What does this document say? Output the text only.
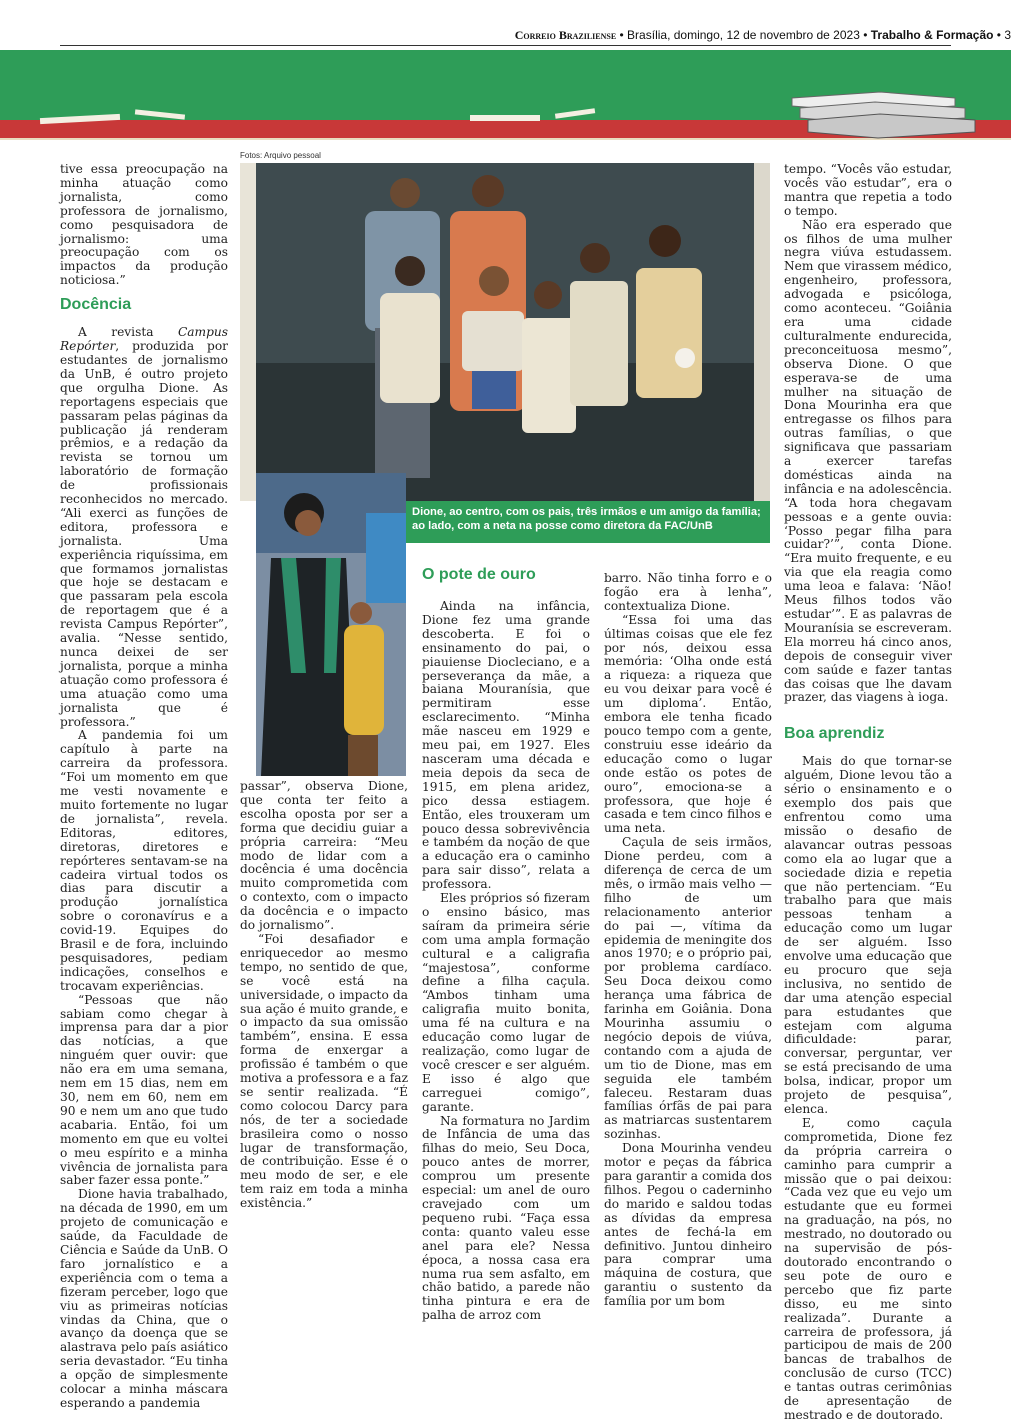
Correio Braziliense • Brasília, domingo, 12 de novembro de 2023 • Trabalho & Formação • 3

tive essa preocupação na minha atuação como jornalista, como professora de jornalismo, como pesquisadora de jornalismo: uma preocupação com os impactos da produção noticiosa.”

Docência

A revista Campus Repórter, produzida por estudantes de jornalismo da UnB, é outro projeto que orgulha Dione. As reportagens especiais que passaram pelas páginas da publicação já renderam prêmios, e a redação da revista se tornou um laboratório de formação de profissionais reconhecidos no mercado. “Ali exerci as funções de editora, professora e jornalista. Uma experiência riquíssima, em que formamos jornalistas que hoje se destacam e que passaram pela escola de reportagem que é a revista Campus Repórter”, avalia. “Nesse sentido, nunca deixei de ser jornalista, porque a minha atuação como professora é uma atuação como uma jornalista que é professora.”

A pandemia foi um capítulo à parte na carreira da professora. “Foi um momento em que me vesti novamente e muito fortemente no lugar de jornalista”, revela. Editoras, editores, diretoras, diretores e repórteres sentavam-se na cadeira virtual todos os dias para discutir a produção jornalística sobre o coronavírus e a covid-19. Equipes do Brasil e de fora, incluindo pesquisadores, pediam indicações, conselhos e trocavam experiências.

“Pessoas que não sabiam como chegar à imprensa para dar a pior das notícias, a que ninguém quer ouvir: que não era em uma semana, nem em 15 dias, nem em 30, nem em 60, nem em 90 e nem um ano que tudo acabaria. Então, foi um momento em que eu voltei o meu espírito e a minha vivência de jornalista para saber fazer essa ponte.”

Dione havia trabalhado, na década de 1990, em um projeto de comunicação e saúde, da Faculdade de Ciência e Saúde da UnB. O faro jornalístico e a experiência com o tema a fizeram perceber, logo que viu as primeiras notícias vindas da China, que o avanço da doença que se alastrava pelo país asiático seria devastador. “Eu tinha a opção de simplesmente colocar a minha máscara esperando a pandemia

Fotos: Arquivo pessoal
Dione, ao centro, com os pais, três irmãos e um amigo da família; ao lado, com a neta na posse como diretora da FAC/UnB

passar”, observa Dione, que conta ter feito a escolha oposta por ser a forma que decidiu guiar a própria carreira: “Meu modo de lidar com a docência é uma docência muito comprometida com o contexto, com o impacto da docência e o impacto do jornalismo”.

“Foi desafiador e enriquecedor ao mesmo tempo, no sentido de que, se você está na universidade, o impacto da sua ação é muito grande, e o impacto da sua omissão também”, ensina. E essa forma de enxergar a profissão é também o que motiva a professora e a faz se sentir realizada. “É como colocou Darcy para nós, de ter a sociedade brasileira como o nosso lugar de transformação, de contribuição. Esse é o meu modo de ser, e ele tem raiz em toda a minha existência.”

O pote de ouro

Ainda na infância, Dione fez uma grande descoberta. E foi o ensinamento do pai, o piauiense Diocleciano, e a perseverança da mãe, a baiana Mouranísia, que permitiram esse esclarecimento. “Minha mãe nasceu em 1929 e meu pai, em 1927. Eles nasceram uma década e meia depois da seca de 1915, em plena aridez, pico dessa estiagem. Então, eles trouxeram um pouco dessa sobrevivência e também da noção de que a educação era o caminho para sair disso”, relata a professora.

Eles próprios só fizeram o ensino básico, mas saíram da primeira série com uma ampla formação cultural e a caligrafia “majestosa”, conforme define a filha caçula. “Ambos tinham uma caligrafia muito bonita, uma fé na cultura e na educação como lugar de realização, como lugar de você crescer e ser alguém. E isso é algo que carreguei comigo”, garante.

Na formatura no Jardim de Infância de uma das filhas do meio, Seu Doca, pouco antes de morrer, comprou um presente especial: um anel de ouro cravejado com um pequeno rubi. “Faça essa conta: quanto valeu esse anel para ele? Nessa época, a nossa casa era numa rua sem asfalto, em chão batido, a parede não tinha pintura e era de palha de arroz com

barro. Não tinha forro e o fogão era à lenha”, contextualiza Dione.

“Essa foi uma das últimas coisas que ele fez por nós, deixou essa memória: ‘Olha onde está a riqueza: a riqueza que eu vou deixar para você é um diploma’. Então, embora ele tenha ficado pouco tempo com a gente, construiu esse ideário da educação como o lugar onde estão os potes de ouro”, emociona-se a professora, que hoje é casada e tem cinco filhos e uma neta.

Caçula de seis irmãos, Dione perdeu, com a diferença de cerca de um mês, o irmão mais velho — filho de um relacionamento anterior do pai —, vítima da epidemia de meningite dos anos 1970; e o próprio pai, por problema cardíaco. Seu Doca deixou como herança uma fábrica de farinha em Goiânia. Dona Mourinha assumiu o negócio depois de viúva, contando com a ajuda de um tio de Dione, mas em seguida ele também faleceu. Restaram duas famílias órfãs de pai para as matriarcas sustentarem sozinhas.

Dona Mourinha vendeu motor e peças da fábrica para garantir a comida dos filhos. Pegou o caderninho do marido e saldou todas as dívidas da empresa antes de fechá-la em definitivo. Juntou dinheiro para comprar uma máquina de costura, que garantiu o sustento da família por um bom

tempo. “Vocês vão estudar, vocês vão estudar”, era o mantra que repetia a todo o tempo.

Não era esperado que os filhos de uma mulher negra viúva estudassem. Nem que virassem médico, engenheiro, professora, advogada e psicóloga, como aconteceu. “Goiânia era uma cidade culturalmente endurecida, preconceituosa mesmo”, observa Dione. O que esperava-se de uma mulher na situação de Dona Mourinha era que entregasse os filhos para outras famílias, o que significava que passariam a exercer tarefas domésticas ainda na infância e na adolescência. “A toda hora chegavam pessoas e a gente ouvia: ‘Posso pegar filha para cuidar?’”, conta Dione. “Era muito frequente, e eu via que ela reagia como uma leoa e falava: ‘Não! Meus filhos todos vão estudar’”. E as palavras de Mouranísia se escreveram. Ela morreu há cinco anos, depois de conseguir viver com saúde e fazer tantas das coisas que lhe davam prazer, das viagens à ioga.

Boa aprendiz

Mais do que tornar-se alguém, Dione levou tão a sério o ensinamento e o exemplo dos pais que enfrentou como uma missão o desafio de alavancar outras pessoas como ela ao lugar que a sociedade dizia e repetia que não pertenciam. “Eu trabalho para que mais pessoas tenham a educação como um lugar de ser alguém. Isso envolve uma educação que eu procuro que seja inclusiva, no sentido de dar uma atenção especial para estudantes que estejam com alguma dificuldade: parar, conversar, perguntar, ver se está precisando de uma bolsa, indicar, propor um projeto de pesquisa”, elenca.

E, como caçula comprometida, Dione fez da própria carreira o caminho para cumprir a missão que o pai deixou: “Cada vez que eu vejo um estudante que eu formei na graduação, na pós, no mestrado, no doutorado ou na supervisão de pós-doutorado encontrando o seu pote de ouro e percebo que fiz parte disso, eu me sinto realizada”. Durante a carreira de professora, já participou de mais de 200 bancas de trabalhos de conclusão de curso (TCC) e tantas outras cerimônias de apresentação de mestrado e de doutorado.
